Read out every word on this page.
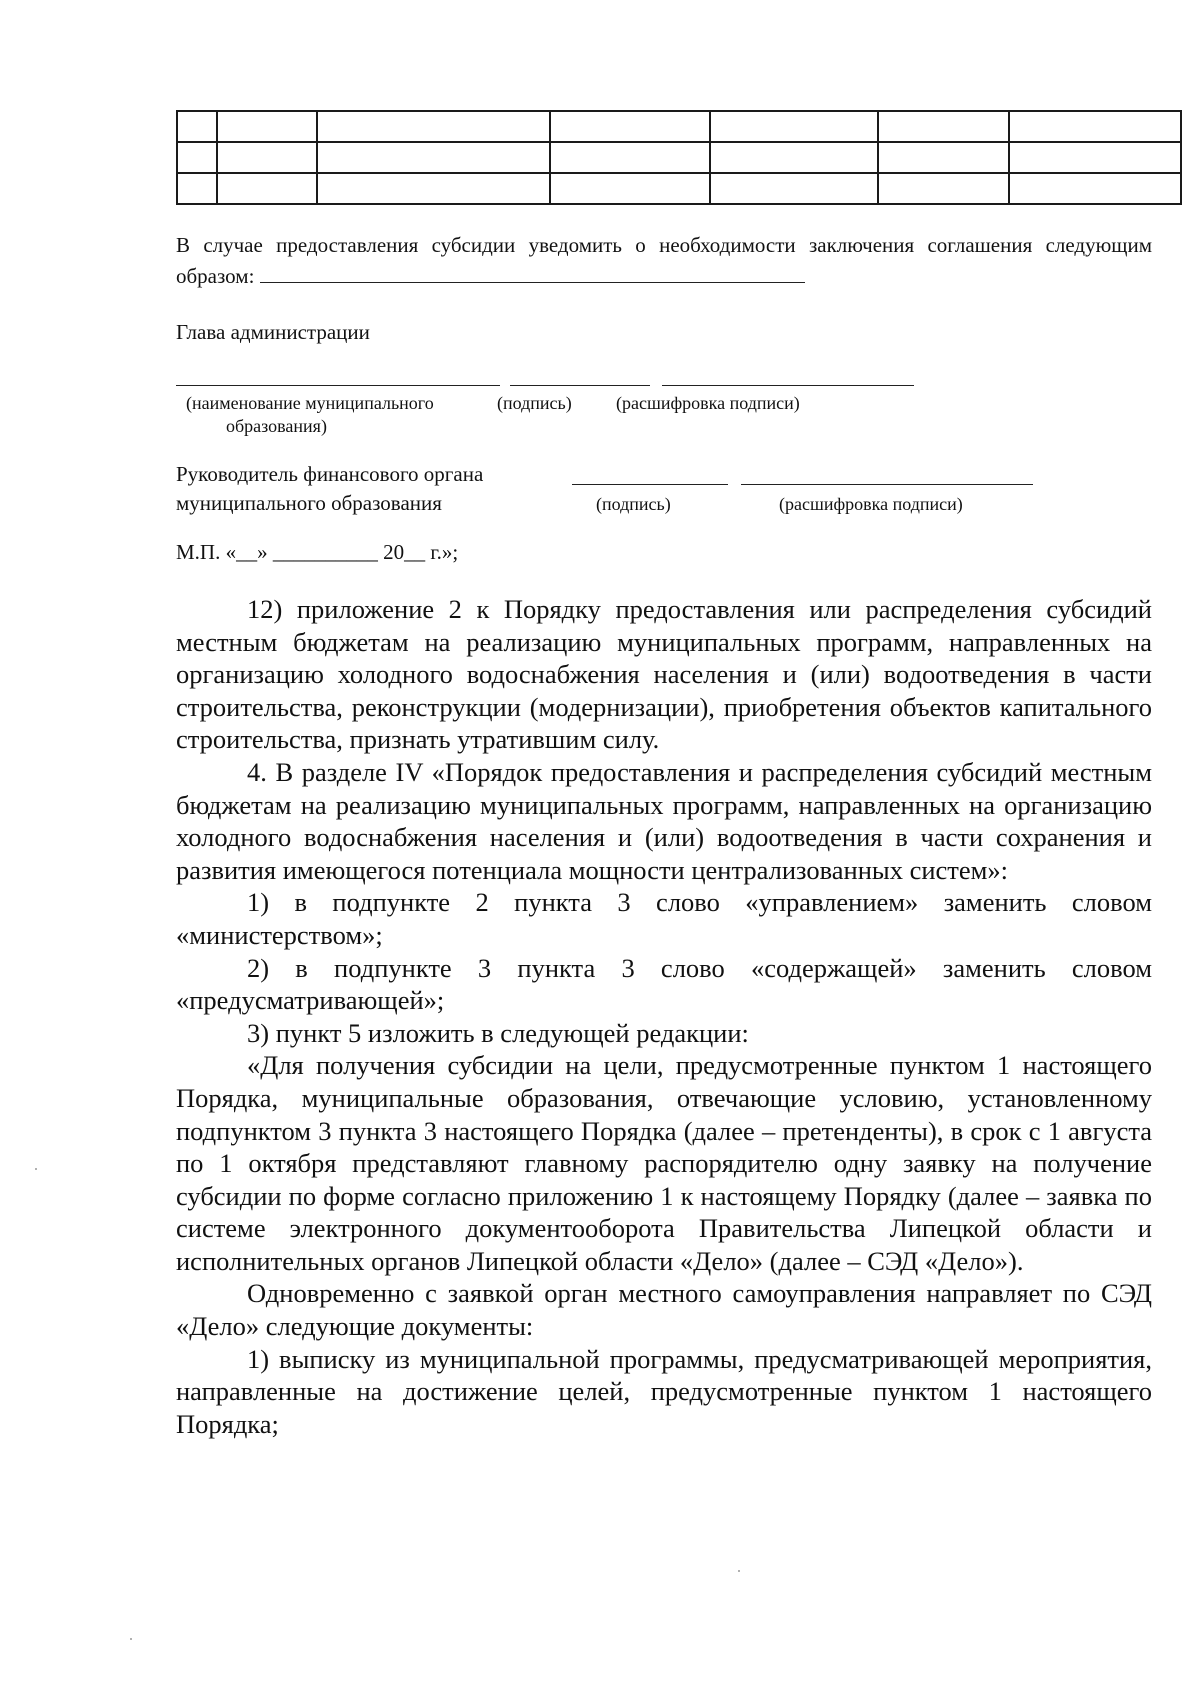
В случае предоставления субсидии уведомить о необходимости заключения соглашения следующим образом:
Глава администрации
(наименование муниципального
образования)
(подпись) (расшифровка подписи)
Руководитель финансового органа
муниципального образования	(подпись)	(расшифровка подписи)
М.П. «__» __________ 20__ г.»;

12) приложение 2 к Порядку предоставления или распределения субсидий местным бюджетам на реализацию муниципальных программ, направленных на организацию холодного водоснабжения населения и (или) водоотведения в части строительства, реконструкции (модернизации), приобретения объектов капитального строительства, признать утратившим силу.

4. В разделе IV «Порядок предоставления и распределения субсидий местным бюджетам на реализацию муниципальных программ, направленных на организацию холодного водоснабжения населения и (или) водоотведения в части сохранения и развития имеющегося потенциала мощности централизованных систем»:

1) в подпункте 2 пункта 3 слово «управлением» заменить словом «министерством»;

2) в подпункте 3 пункта 3 слово «содержащей» заменить словом «предусматривающей»;

3) пункт 5 изложить в следующей редакции:

«Для получения субсидии на цели, предусмотренные пунктом 1 настоящего Порядка, муниципальные образования, отвечающие условию, установленному подпунктом 3 пункта 3 настоящего Порядка (далее – претенденты), в срок с 1 августа по 1 октября представляют главному распорядителю одну заявку на получение субсидии по форме согласно приложению 1 к настоящему Порядку (далее – заявка по системе электронного документооборота Правительства Липецкой области и исполнительных органов Липецкой области «Дело» (далее – СЭД «Дело»).

Одновременно с заявкой орган местного самоуправления направляет по СЭД «Дело» следующие документы:

1) выписку из муниципальной программы, предусматривающей мероприятия, направленные на достижение целей, предусмотренные пунктом 1 настоящего Порядка;
